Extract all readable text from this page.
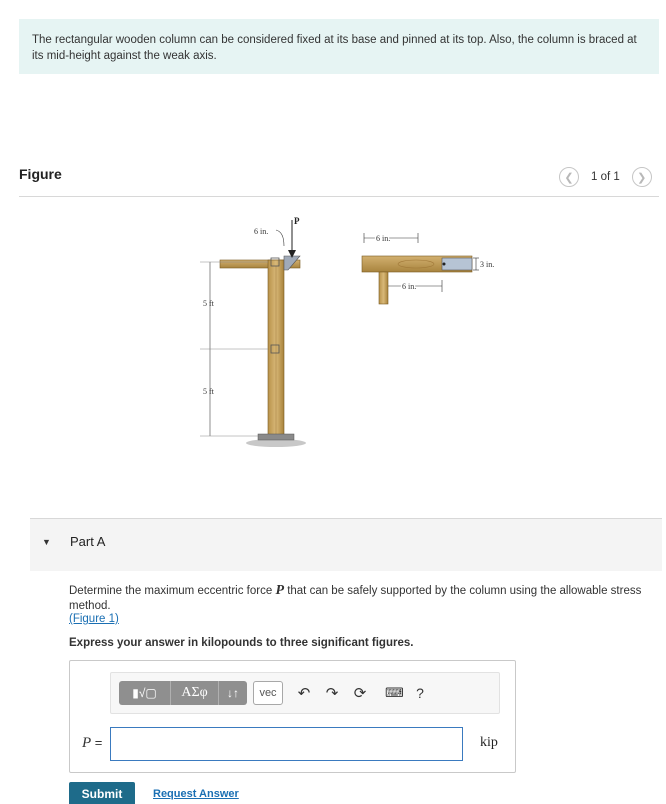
The rectangular wooden column can be considered fixed at its base and pinned at its top. Also, the column is braced at its mid-height against the weak axis.
Figure	❮	1 of 1	❯
P
6 in.
5 ft
5 ft
6 in.
6 in.
3 in.
▼ Part A
Determine the maximum eccentric force P that can be safely supported by the column using the allowable stress method.
(Figure 1)
Express your answer in kilopounds to three significant figures.
▮√▢	ΑΣφ	↓↑	vec	↶ ↷ ⟳ ⌨ ?
P =	kip
Submit	Request Answer
